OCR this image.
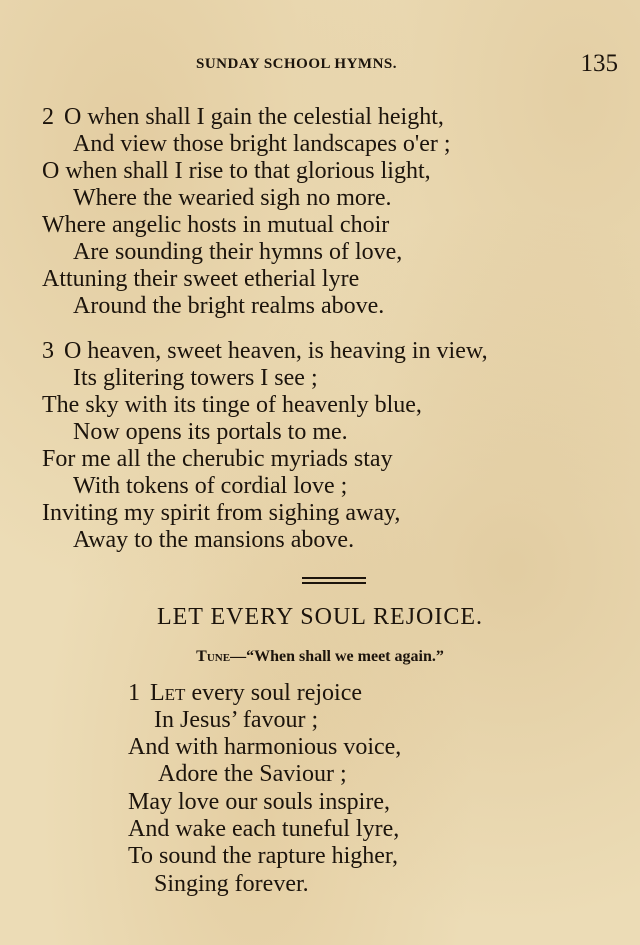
SUNDAY SCHOOL HYMNS.	135
2 O when shall I gain the celestial height,
And view those bright landscapes o'er ;
O when shall I rise to that glorious light,
Where the wearied sigh no more.
Where angelic hosts in mutual choir
Are sounding their hymns of love,
Attuning their sweet etherial lyre
Around the bright realms above.
3 O heaven, sweet heaven, is heaving in view,
Its glitering towers I see ;
The sky with its tinge of heavenly blue,
Now opens its portals to me.
For me all the cherubic myriads stay
With tokens of cordial love ;
Inviting my spirit from sighing away,
Away to the mansions above.
LET EVERY SOUL REJOICE.
Tune—“When shall we meet again.”
1 Let every soul rejoice
In Jesus’ favour ;
And with harmonious voice,
Adore the Saviour ;
May love our souls inspire,
And wake each tuneful lyre,
To sound the rapture higher,
Singing forever.
